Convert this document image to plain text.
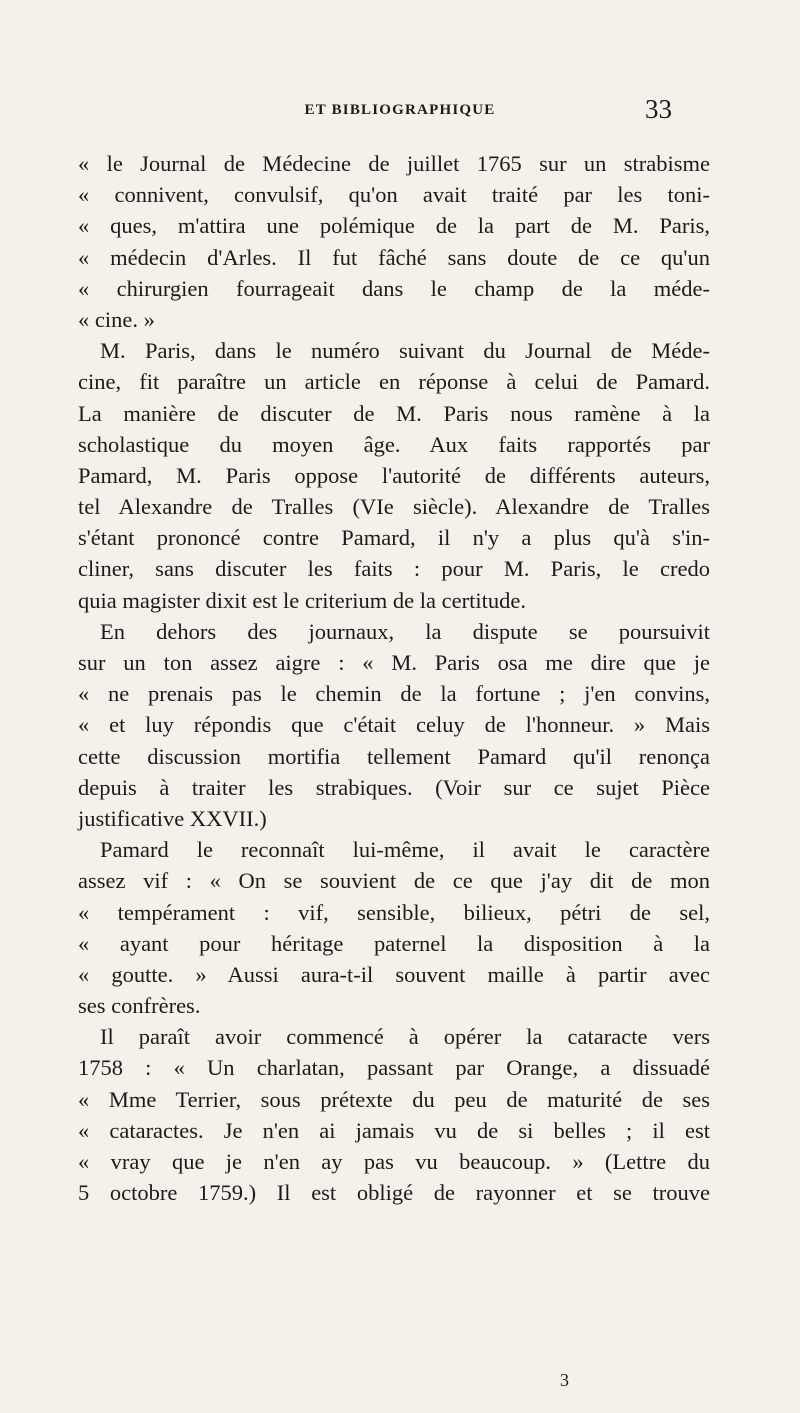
ET BIBLIOGRAPHIQUE	33
« le Journal de Médecine de juillet 1765 sur un strabisme
« connivent, convulsif, qu'on avait traité par les toni-
« ques, m'attira une polémique de la part de M. Paris,
« médecin d'Arles. Il fut fâché sans doute de ce qu'un
« chirurgien fourrageait dans le champ de la méde-
« cine. »
M. Paris, dans le numéro suivant du Journal de Méde-
cine, fit paraître un article en réponse à celui de Pamard.
La manière de discuter de M. Paris nous ramène à la
scholastique du moyen âge. Aux faits rapportés par
Pamard, M. Paris oppose l'autorité de différents auteurs,
tel Alexandre de Tralles (VIe siècle). Alexandre de Tralles
s'étant prononcé contre Pamard, il n'y a plus qu'à s'in-
cliner, sans discuter les faits : pour M. Paris, le credo
quia magister dixit est le criterium de la certitude.
En dehors des journaux, la dispute se poursuivit
sur un ton assez aigre : « M. Paris osa me dire que je
« ne prenais pas le chemin de la fortune ; j'en convins,
« et luy répondis que c'était celuy de l'honneur. » Mais
cette discussion mortifia tellement Pamard qu'il renonça
depuis à traiter les strabiques. (Voir sur ce sujet Pièce
justificative XXVII.)
Pamard le reconnaît lui-même, il avait le caractère
assez vif : « On se souvient de ce que j'ay dit de mon
« tempérament : vif, sensible, bilieux, pétri de sel,
« ayant pour héritage paternel la disposition à la
« goutte. » Aussi aura-t-il souvent maille à partir avec
ses confrères.
Il paraît avoir commencé à opérer la cataracte vers
1758 : « Un charlatan, passant par Orange, a dissuadé
« Mme Terrier, sous prétexte du peu de maturité de ses
« cataractes. Je n'en ai jamais vu de si belles ; il est
« vray que je n'en ay pas vu beaucoup. » (Lettre du
5 octobre 1759.) Il est obligé de rayonner et se trouve
3
